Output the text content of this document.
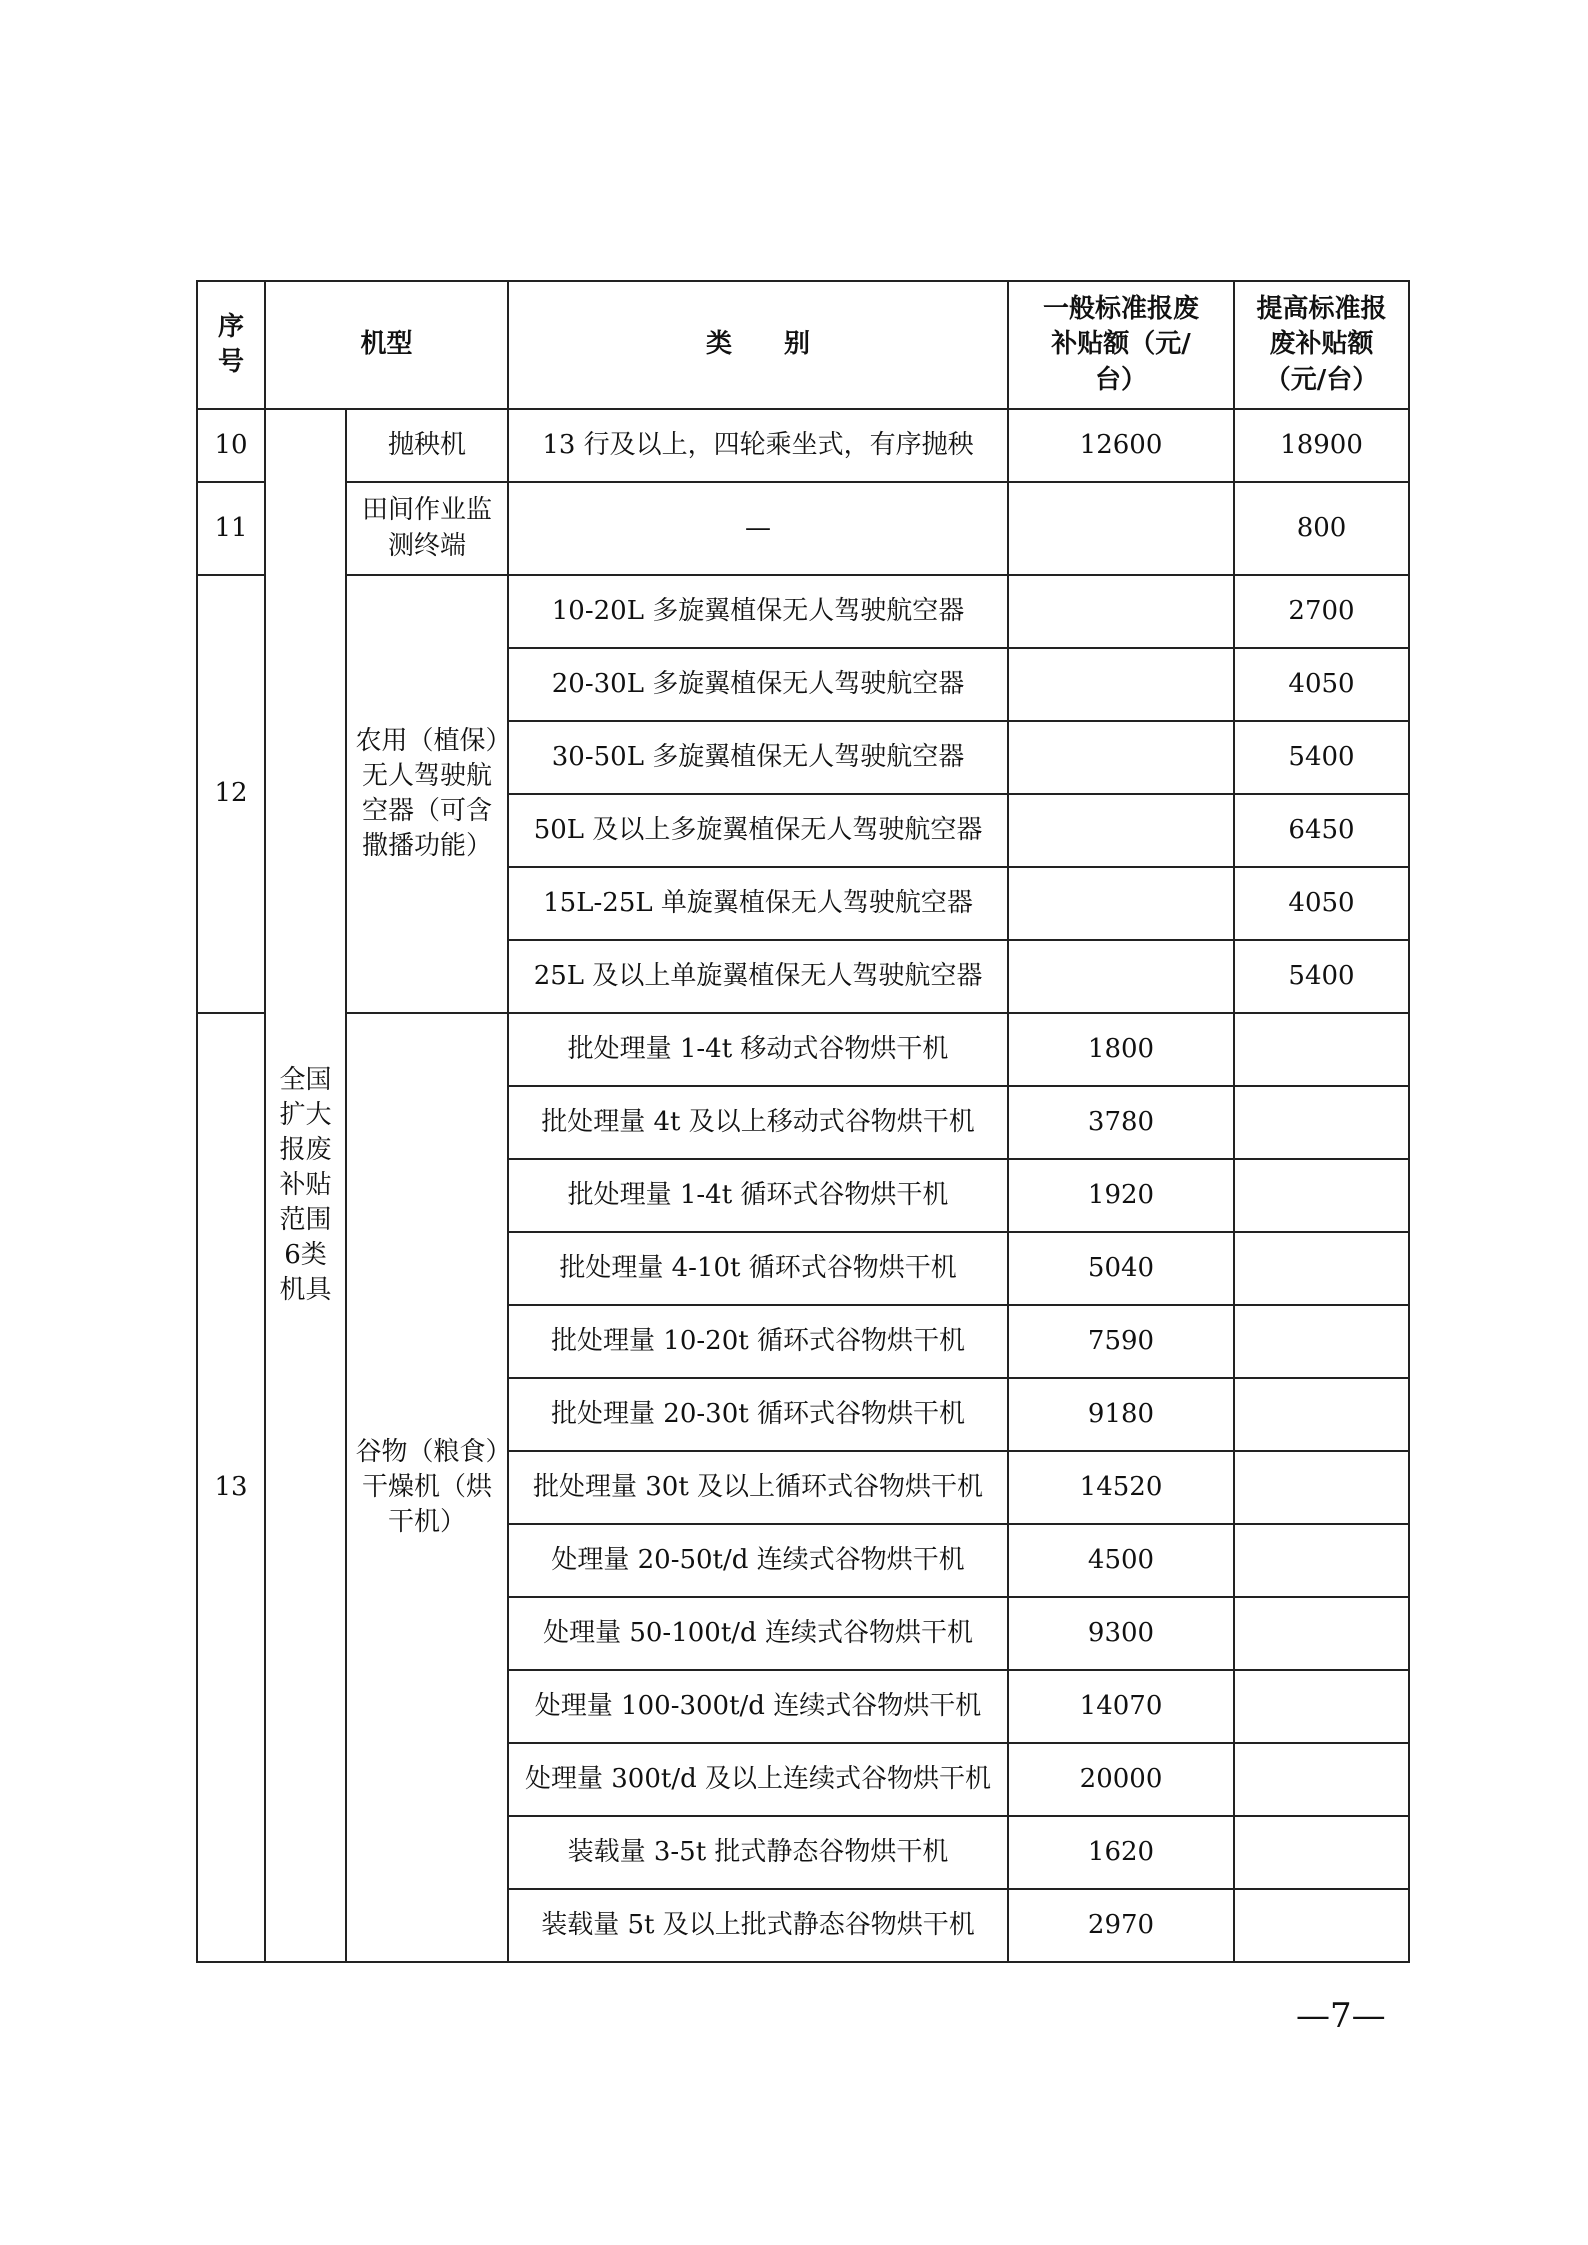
序号	机型		类　　别	一般标准报废补贴额（元/台）	提高标准报废补贴额（元/台）
10	全国扩大报废补贴范围6类机具	抛秧机	13 行及以上，四轮乘坐式，有序抛秧	12600	18900
11		田间作业监测终端	—		800
12		农用（植保）无人驾驶航空器（可含撒播功能）	10-20L 多旋翼植保无人驾驶航空器		2700
			20-30L 多旋翼植保无人驾驶航空器		4050
			30-50L 多旋翼植保无人驾驶航空器		5400
			50L 及以上多旋翼植保无人驾驶航空器		6450
			15L-25L 单旋翼植保无人驾驶航空器		4050
			25L 及以上单旋翼植保无人驾驶航空器		5400
13		谷物（粮食）干燥机（烘干机）	批处理量 1-4t 移动式谷物烘干机	1800	
			批处理量 4t 及以上移动式谷物烘干机	3780	
			批处理量 1-4t 循环式谷物烘干机	1920	
			批处理量 4-10t 循环式谷物烘干机	5040	
			批处理量 10-20t 循环式谷物烘干机	7590	
			批处理量 20-30t 循环式谷物烘干机	9180	
			批处理量 30t 及以上循环式谷物烘干机	14520	
			处理量 20-50t/d 连续式谷物烘干机	4500	
			处理量 50-100t/d 连续式谷物烘干机	9300	
			处理量 100-300t/d 连续式谷物烘干机	14070	
			处理量 300t/d 及以上连续式谷物烘干机	20000	
			装载量 3-5t 批式静态谷物烘干机	1620	
			装载量 5t 及以上批式静态谷物烘干机	2970	
—7—
